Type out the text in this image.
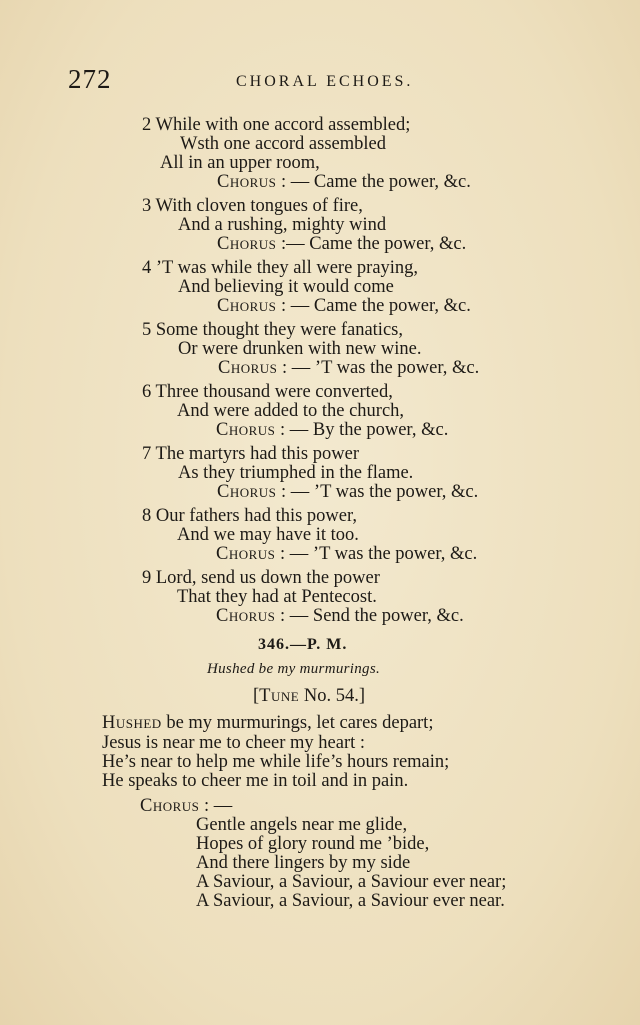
272	CHORAL ECHOES.
2 While with one accord assembled;
Wsth one accord assembled
All in an upper room,
Chorus : — Came the power, &c.
3 With cloven tongues of fire,
And a rushing, mighty wind
Chorus :— Came the power, &c.
4 ’T was while they all were praying,
And believing it would come
Chorus : — Came the power, &c.
5 Some thought they were fanatics,
Or were drunken with new wine.
Chorus : — ’T was the power, &c.
6 Three thousand were converted,
And were added to the church,
Chorus : — By the power, &c.
7 The martyrs had this power
As they triumphed in the flame.
Chorus : — ’T was the power, &c.
8 Our fathers had this power,
And we may have it too.
Chorus : — ’T was the power, &c.
9 Lord, send us down the power
That they had at Pentecost.
Chorus : — Send the power, &c.
346.—P. M.
Hushed be my murmurings.
[Tune No. 54.]
Hushed be my murmurings, let cares depart;
Jesus is near me to cheer my heart :
He’s near to help me while life’s hours remain;
He speaks to cheer me in toil and in pain.
Chorus : —
Gentle angels near me glide,
Hopes of glory round me ’bide,
And there lingers by my side
A Saviour, a Saviour, a Saviour ever near;
A Saviour, a Saviour, a Saviour ever near.
